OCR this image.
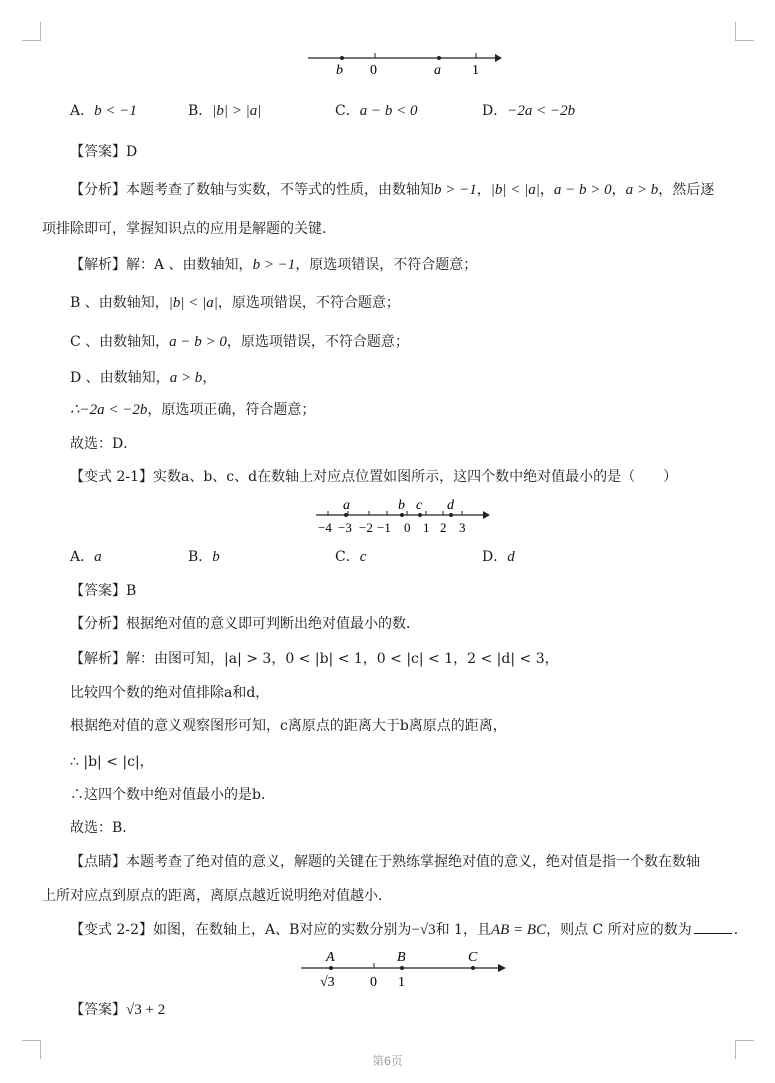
b 0	a 1
A．b < −1	B．|b| > |a|	C．a − b < 0	D．−2a < −2b
【答案】D
【分析】本题考查了数轴与实数，不等式的性质，由数轴知b > −1，|b| < |a|，a − b > 0，a > b，然后逐
项排除即可，掌握知识点的应用是解题的关键．
【解析】解：A 、由数轴知，b > −1，原选项错误，不符合题意；
B 、由数轴知，|b| < |a|，原选项错误，不符合题意；
C 、由数轴知，a − b > 0，原选项错误，不符合题意；
D 、由数轴知，a > b，
∴−2a < −2b，原选项正确，符合题意；
故选：D．
【变式 2-1】实数a、b、c、d在数轴上对应点位置如图所示，这四个数中绝对值最小的是（　　）
a	b c d
−4 −3 −2 −1 0 1 2 3
A．a	B．b	C．c	D．d
【答案】B
【分析】根据绝对值的意义即可判断出绝对值最小的数．
【解析】解：由图可知，|a| > 3，0 < |b| < 1，0 < |c| < 1，2 < |d| < 3，
比较四个数的绝对值排除a和d，
根据绝对值的意义观察图形可知，c离原点的距离大于b离原点的距离，
∴ |b| < |c|，
∴这四个数中绝对值最小的是b．
故选：B．
【点睛】本题考查了绝对值的意义，解题的关键在于熟练掌握绝对值的意义，绝对值是指一个数在数轴
上所对应点到原点的距离，离原点越近说明绝对值越小．
【变式 2-2】如图，在数轴上，A、B对应的实数分别为−√3和 1，且AB = BC，则点 C 所对应的数为	．
A	B	C
√3	0 1
【答案】√3 + 2
第6页
